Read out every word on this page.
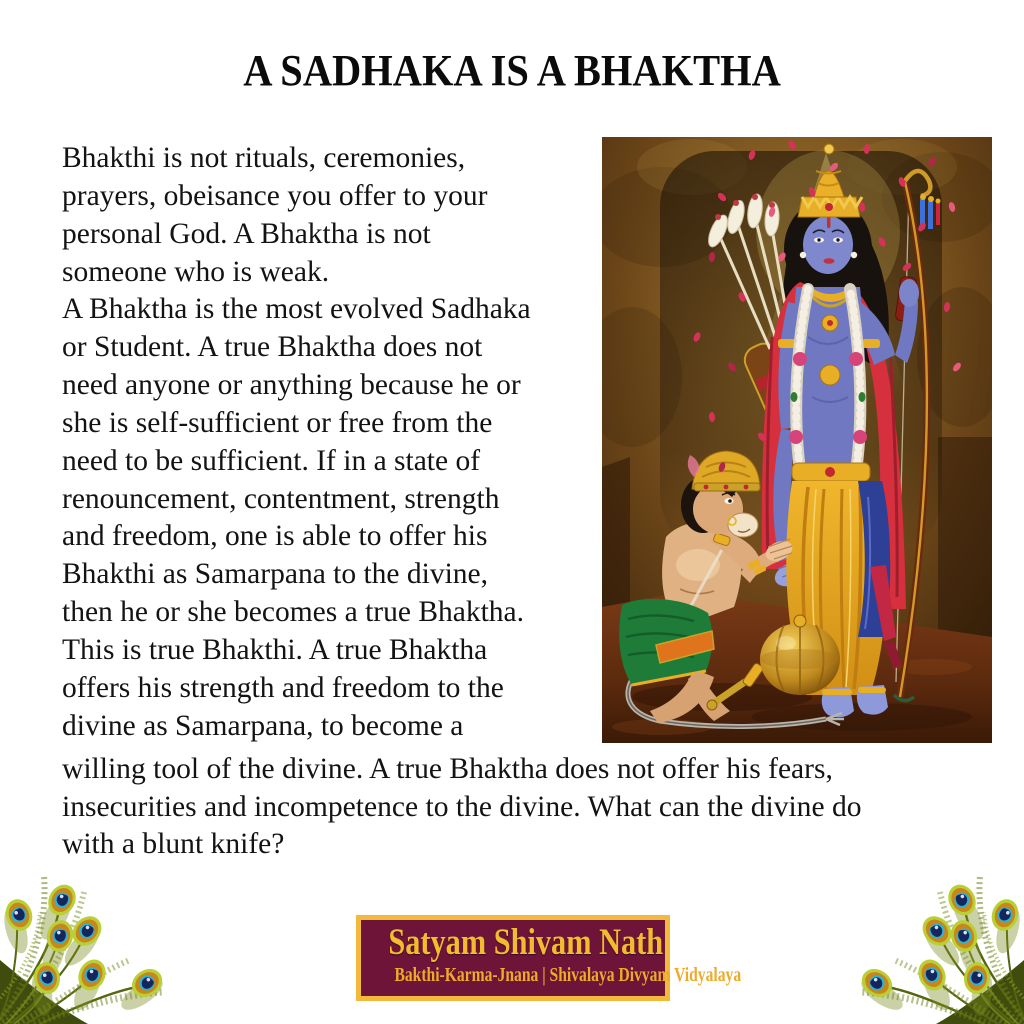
A SADHAKA IS A BHAKTHA
Bhakthi is not rituals, ceremonies,
prayers, obeisance you offer to your
personal God. A Bhaktha is not
someone who is weak.
A Bhaktha is the most evolved Sadhaka
or Student. A true Bhaktha does not
need anyone or anything because he or
she is self-sufficient or free from the
need to be sufficient. If in a state of
renouncement, contentment, strength
and freedom, one is able to offer his
Bhakthi as Samarpana to the divine,
then he or she becomes a true Bhaktha.
This is true Bhakthi. A true Bhaktha
offers his strength and freedom to the
divine as Samarpana, to become a
willing tool of the divine. A true Bhaktha does not offer his fears,
insecurities and incompetence to the divine. What can the divine do
with a blunt knife?
Satyam Shivam Nath
Bakthi-Karma-Jnana | Shivalaya Divyam Vidyalaya
